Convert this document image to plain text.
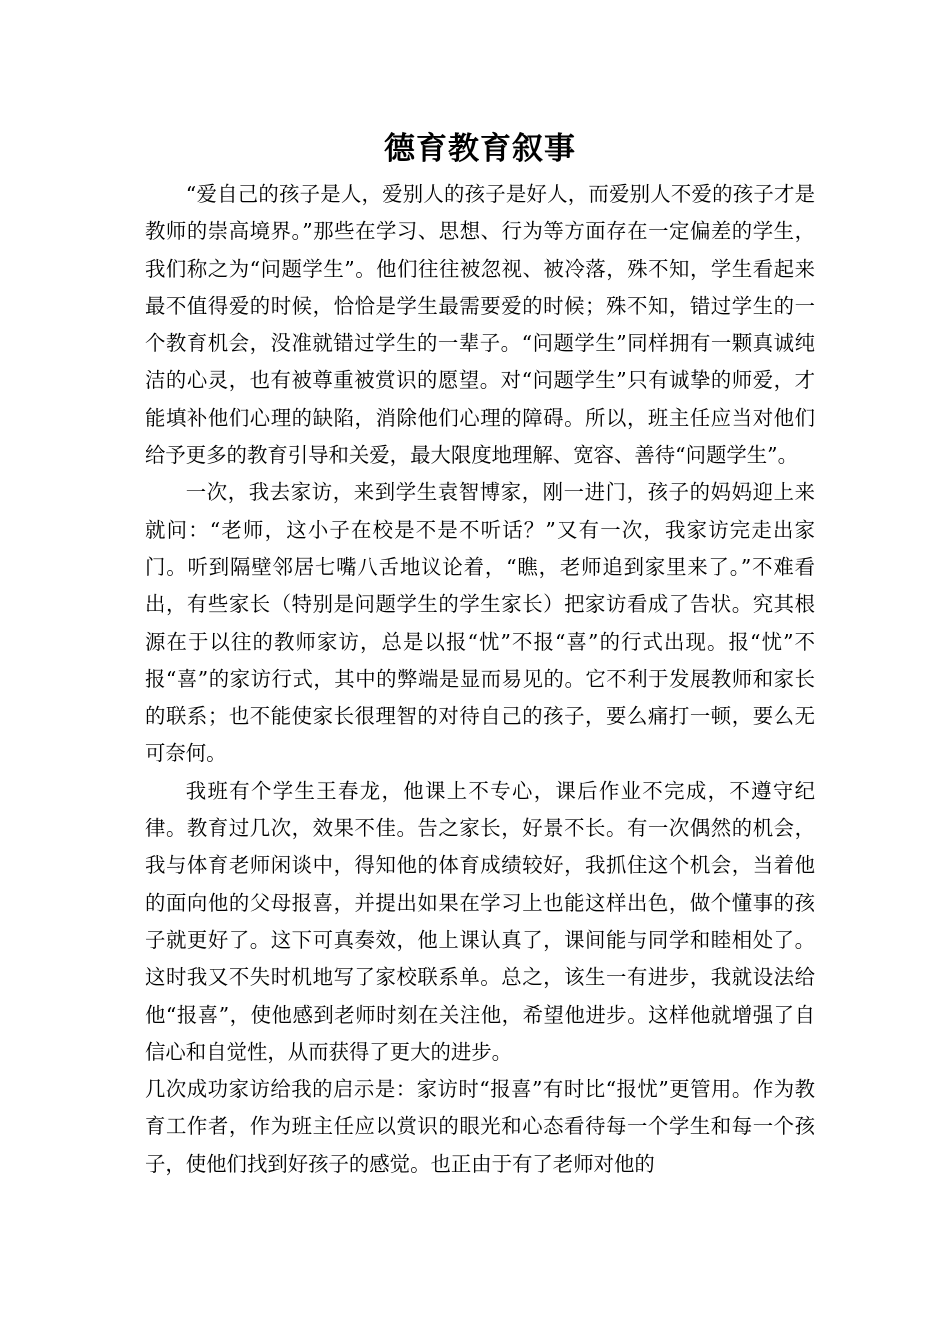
德育教育叙事

“爱自己的孩子是人，爱别人的孩子是好人，而爱别人不爱的孩子才是教师的崇高境界。”那些在学习、思想、行为等方面存在一定偏差的学生，我们称之为“问题学生”。他们往往被忽视、被冷落，殊不知，学生看起来最不值得爱的时候，恰恰是学生最需要爱的时候；殊不知，错过学生的一个教育机会，没准就错过学生的一辈子。“问题学生”同样拥有一颗真诚纯洁的心灵，也有被尊重被赏识的愿望。对“问题学生”只有诚挚的师爱，才能填补他们心理的缺陷，消除他们心理的障碍。所以，班主任应当对他们给予更多的教育引导和关爱，最大限度地理解、宽容、善待“问题学生”。

一次，我去家访，来到学生袁智博家，刚一进门，孩子的妈妈迎上来就问：“老师，这小子在校是不是不听话？”又有一次，我家访完走出家门。听到隔壁邻居七嘴八舌地议论着，“瞧，老师追到家里来了。”不难看出，有些家长（特别是问题学生的学生家长）把家访看成了告状。究其根源在于以往的教师家访，总是以报“忧”不报“喜”的行式出现。报“忧”不报“喜”的家访行式，其中的弊端是显而易见的。它不利于发展教师和家长的联系；也不能使家长很理智的对待自己的孩子，要么痛打一顿，要么无可奈何。

我班有个学生王春龙，他课上不专心，课后作业不完成，不遵守纪律。教育过几次，效果不佳。告之家长，好景不长。有一次偶然的机会，我与体育老师闲谈中，得知他的体育成绩较好，我抓住这个机会，当着他的面向他的父母报喜，并提出如果在学习上也能这样出色，做个懂事的孩子就更好了。这下可真奏效，他上课认真了，课间能与同学和睦相处了。这时我又不失时机地写了家校联系单。总之，该生一有进步，我就设法给他“报喜”，使他感到老师时刻在关注他，希望他进步。这样他就增强了自信心和自觉性，从而获得了更大的进步。

几次成功家访给我的启示是：家访时“报喜”有时比“报忧”更管用。作为教育工作者，作为班主任应以赏识的眼光和心态看待每一个学生和每一个孩子，使他们找到好孩子的感觉。也正由于有了老师对他的
